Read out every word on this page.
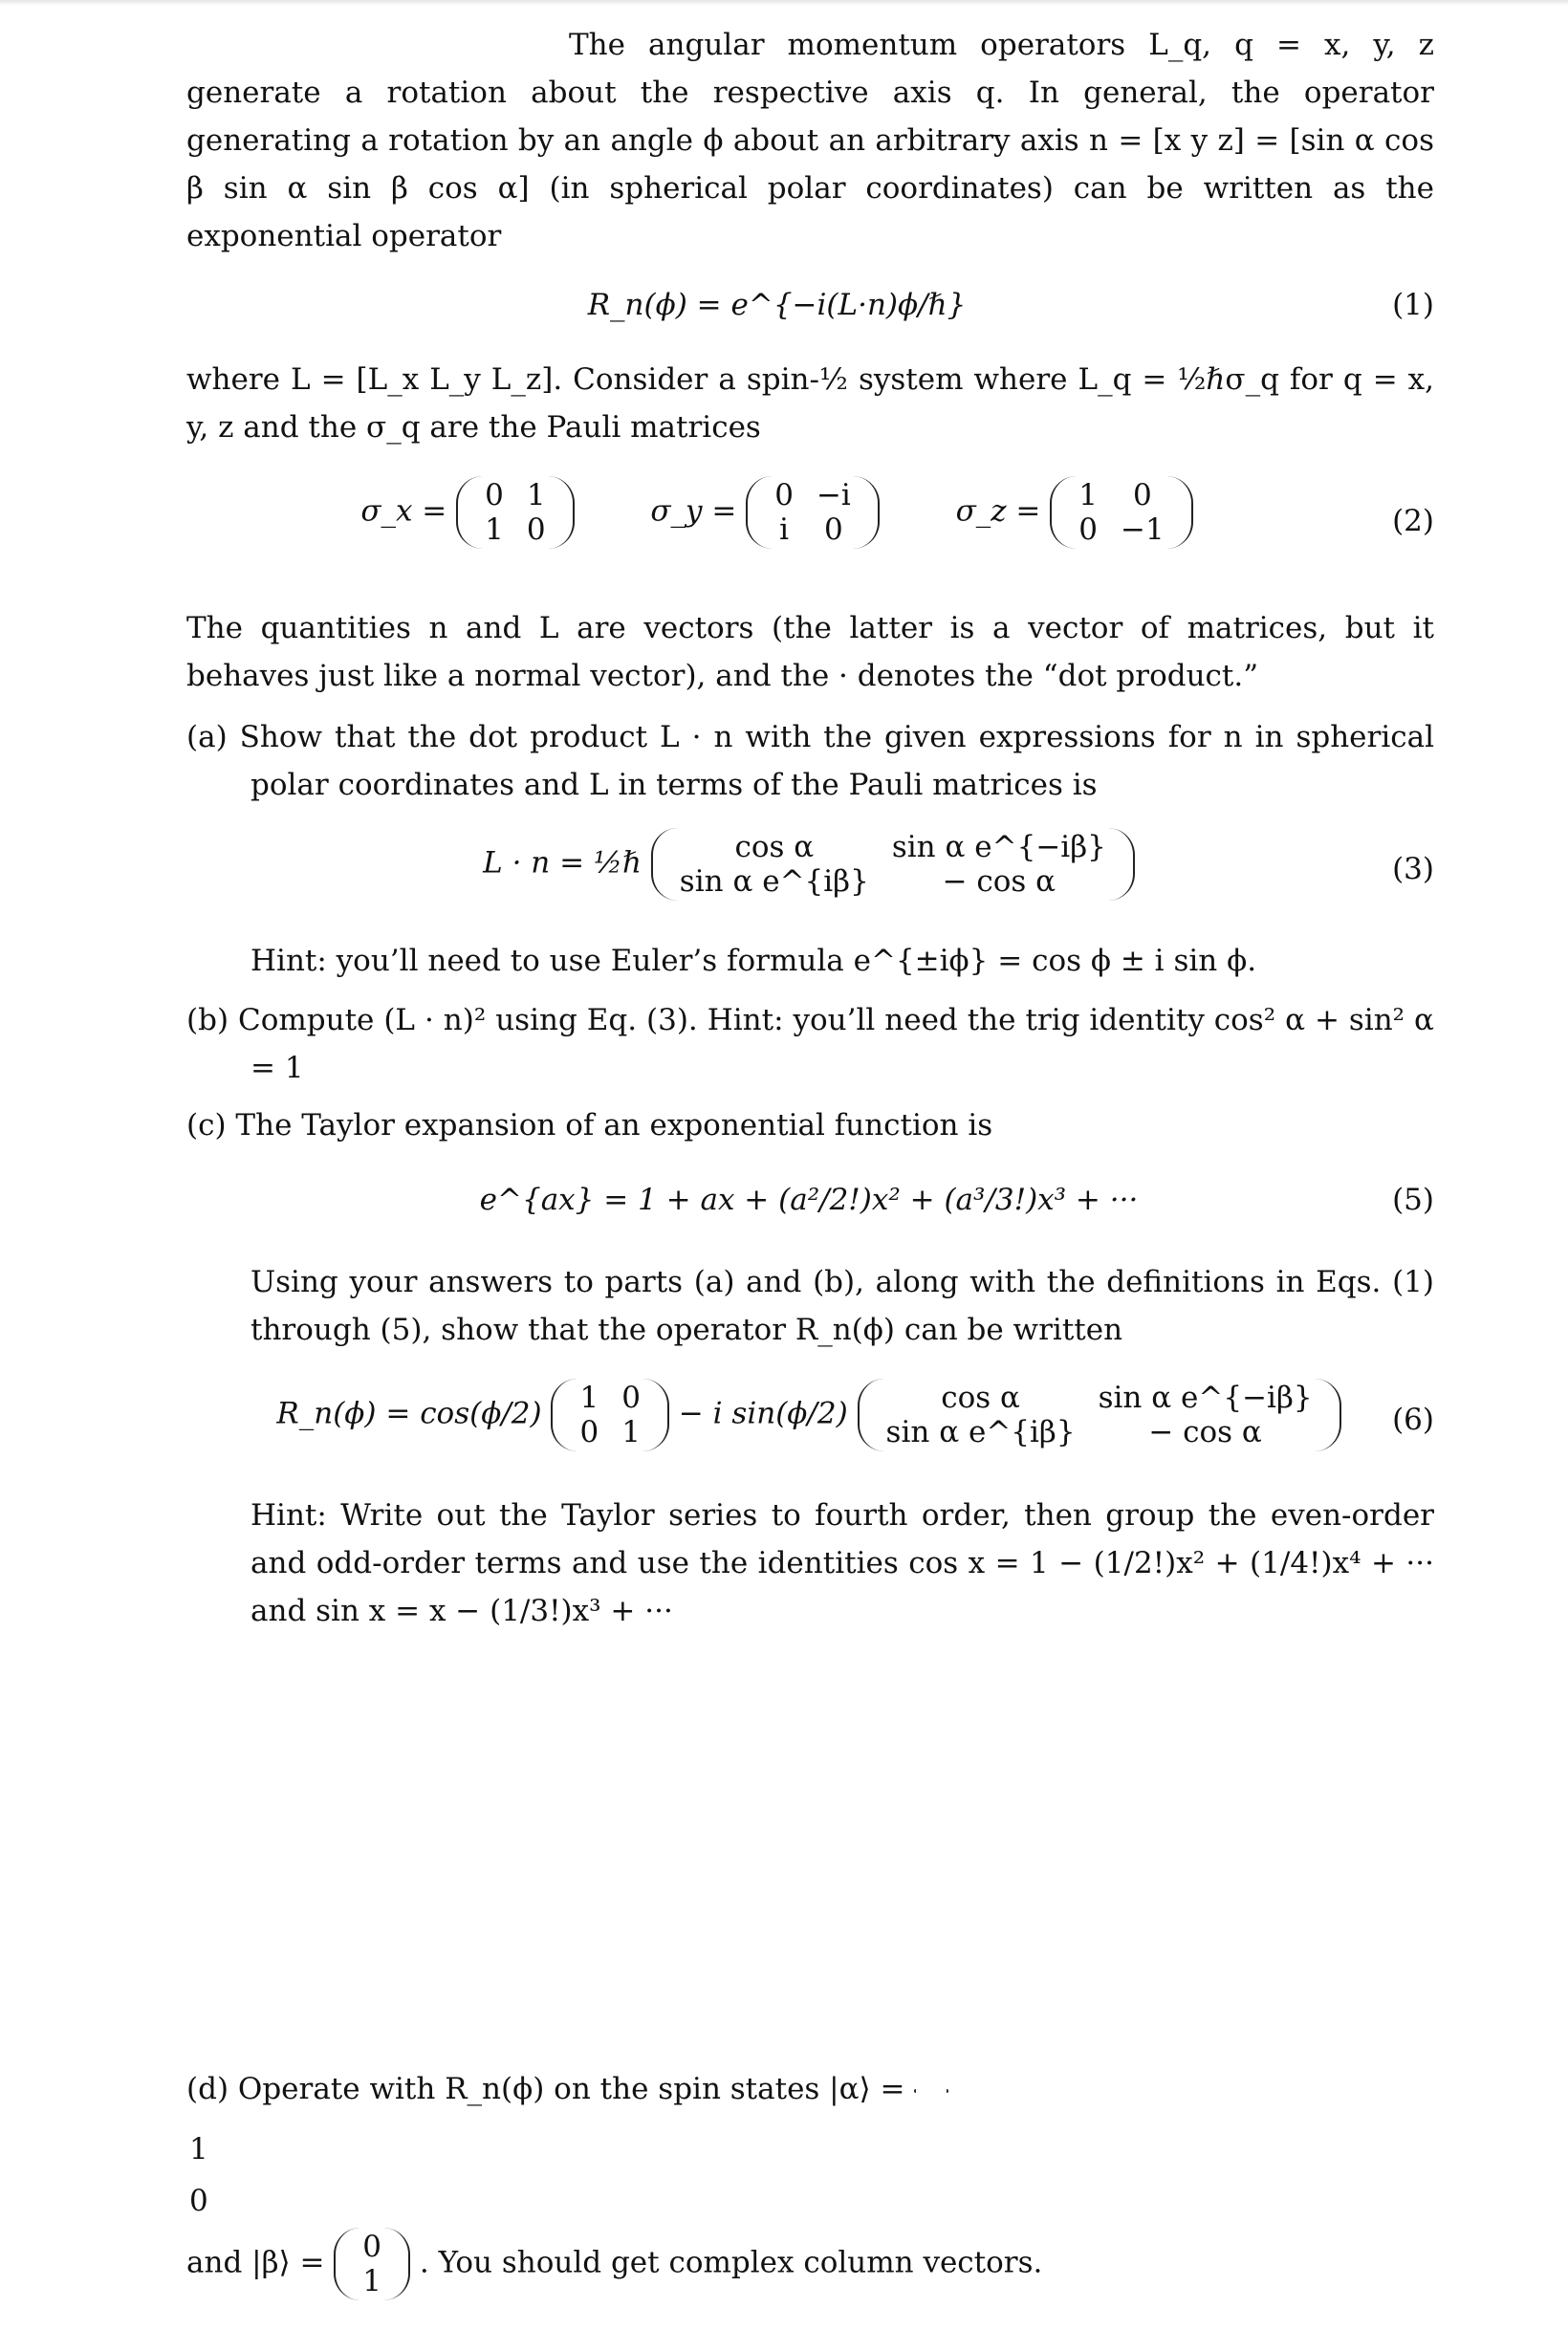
The angular momentum operators L_q, q = x, y, z generate a rotation about the respective axis q. In general, the operator generating a rotation by an angle ϕ about an arbitrary axis n = [x y z] = [sin α cos β sin α sin β cos α] (in spherical polar coordinates) can be written as the exponential operator

R_n(ϕ) = e^{−i(L·n)ϕ/ℏ}	(1)

where L = [L_x L_y L_z]. Consider a spin-½ system where L_q = ½ℏσ_q for q = x, y, z and the σ_q are the Pauli matrices

σ_x = 0	1
1	0
σ_y = 0	−i
i	0
σ_z = 1	0
0	−1	(2)

The quantities n and L are vectors (the latter is a vector of matrices, but it behaves just like a normal vector), and the · denotes the “dot product.”

(a) Show that the dot product L · n with the given expressions for n in spherical polar coordinates and L in terms of the Pauli matrices is

L · n = ½ℏ	cos α	sin α e^{−iβ}
sin α e^{iβ}	− cos α	(3)

Hint: you’ll need to use Euler’s formula e^{±iϕ} = cos ϕ ± i sin ϕ.

(b) Compute (L · n)² using Eq. (3). Hint: you’ll need the trig identity cos² α + sin² α = 1

(c) The Taylor expansion of an exponential function is

e^{ax} = 1 + ax + (a²/2!)x² + (a³/3!)x³ + ···	(5)

Using your answers to parts (a) and (b), along with the definitions in Eqs. (1) through (5), show that the operator R_n(ϕ) can be written

R_n(ϕ) = cos(ϕ/2) 1	0
0	1
− i sin(ϕ/2)	cos α	sin α e^{−iβ}
sin α e^{iβ}	− cos α	(6)

Hint: Write out the Taylor series to fourth order, then group the even-order and odd-order terms and use the identities cos x = 1 − (1/2!)x² + (1/4!)x⁴ + ··· and sin x = x − (1/3!)x³ + ···

(d) Operate with R_n(ϕ) on the spin states |α⟩ =

1
0
and |β⟩ = 0
1
. You should get complex column vectors.
